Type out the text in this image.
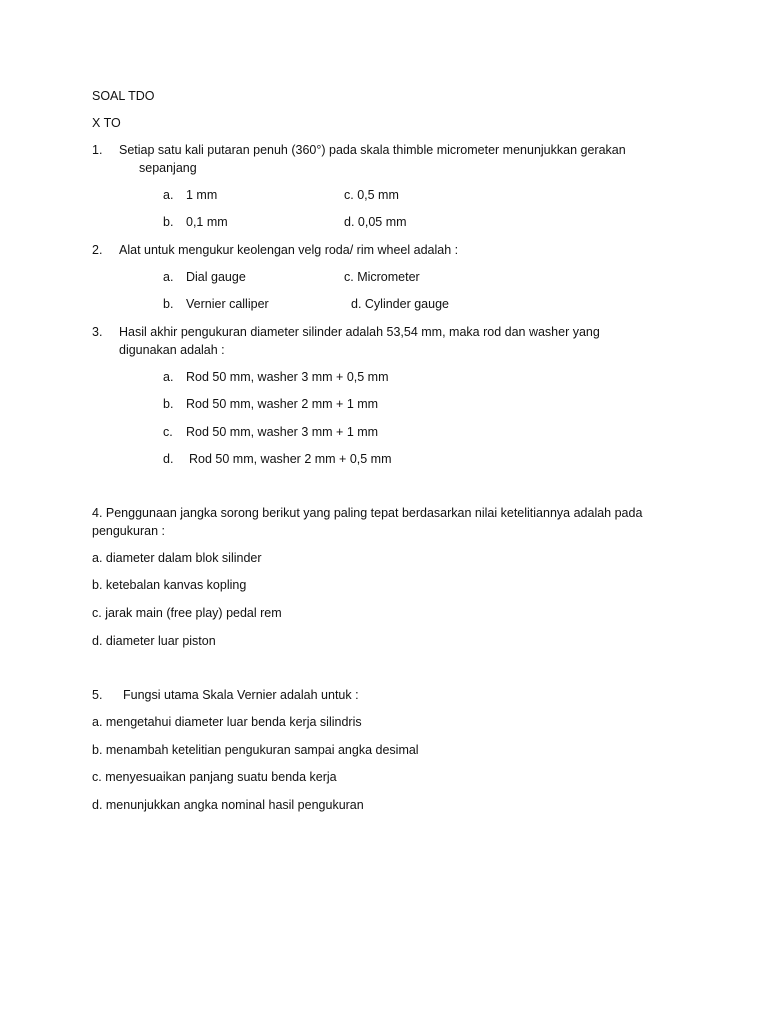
SOAL TDO
X TO
1. Setiap satu kali putaran penuh (360°) pada skala thimble micrometer menunjukkan gerakan
sepanjang
a. 1 mm	c. 0,5 mm
b. 0,1 mm	d. 0,05 mm
2. Alat untuk mengukur keolengan velg roda/ rim wheel adalah :
a. Dial gauge	c. Micrometer
b. Vernier calliper	d. Cylinder gauge
3. Hasil akhir pengukuran diameter silinder adalah 53,54 mm, maka rod dan washer yang
digunakan adalah :
a. Rod 50 mm, washer 3 mm + 0,5 mm
b. Rod 50 mm, washer 2 mm + 1 mm
c. Rod 50 mm, washer 3 mm + 1 mm
d. Rod 50 mm, washer 2 mm + 0,5 mm
4. Penggunaan jangka sorong berikut yang paling tepat berdasarkan nilai ketelitiannya adalah pada
pengukuran :
a. diameter dalam blok silinder
b. ketebalan kanvas kopling
c. jarak main (free play) pedal rem
d. diameter luar piston
5. Fungsi utama Skala Vernier adalah untuk :
a. mengetahui diameter luar benda kerja silindris
b. menambah ketelitian pengukuran sampai angka desimal
c. menyesuaikan panjang suatu benda kerja
d. menunjukkan angka nominal hasil pengukuran
